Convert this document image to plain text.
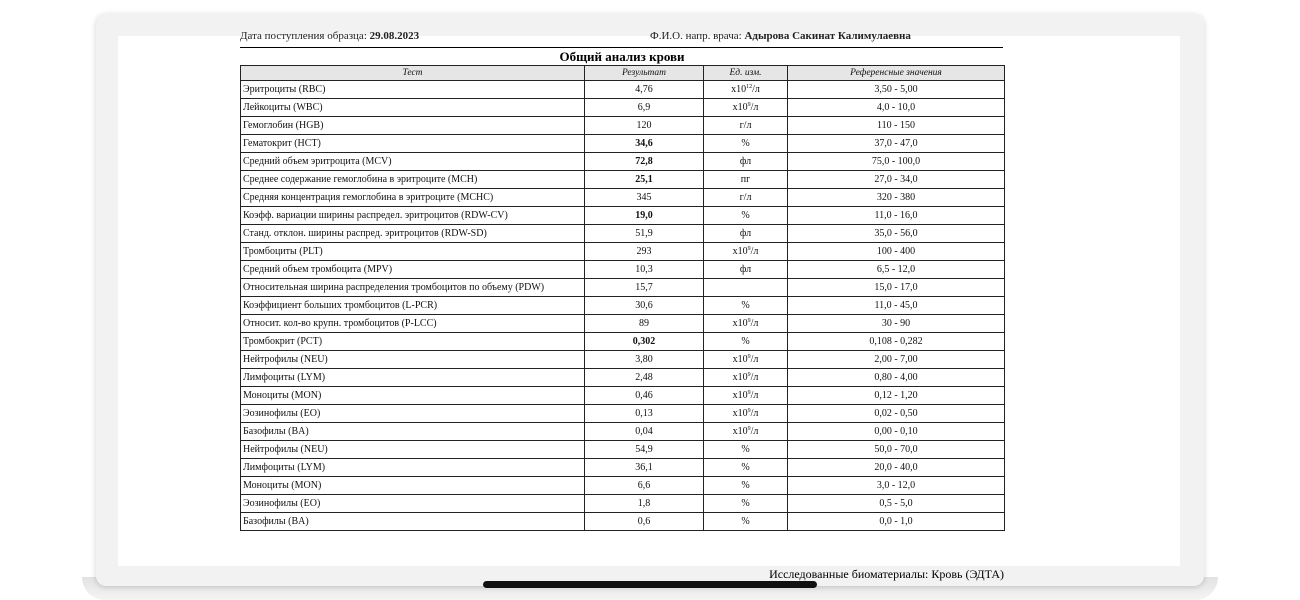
Дата поступления образца: 29.08.2023	Ф.И.О. напр. врача: Адырова Сакинат Калимулаевна
Общий анализ крови
Тест	Результат	Ед. изм.	Референсные значения
Эритроциты (RBC)	4,76	$x10^{12}/л$	3,50 - 5,00
Лейкоциты (WBC)	6,9	$x10^9/л$	4,0 - 10,0
Гемоглобин (HGB)	120	г/л	110 - 150
Гематокрит (HCT)	34,6	%	37,0 - 47,0
Средний объем эритроцита (MCV)	72,8	фл	75,0 - 100,0
Среднее содержание гемоглобина в эритроците (MCH)	25,1	пг	27,0 - 34,0
Средняя концентрация гемоглобина в эритроците (MCHC)	345	г/л	320 - 380
Коэфф. вариации ширины распредел. эритроцитов (RDW-CV)	19,0	%	11,0 - 16,0
Станд. отклон. ширины распред. эритроцитов (RDW-SD)	51,9	фл	35,0 - 56,0
Тромбоциты (PLT)	293	$x10^9/л$	100 - 400
Средний объем тромбоцита (MPV)	10,3	фл	6,5 - 12,0
Относительная ширина распределения тромбоцитов по объему (PDW)	15,7		15,0 - 17,0
Коэффициент больших тромбоцитов (L-PCR)	30,6	%	11,0 - 45,0
Относит. кол-во крупн. тромбоцитов (P-LCC)	89	$x10^9/л$	30 - 90
Тромбокрит (PCT)	0,302	%	0,108 - 0,282
Нейтрофилы (NEU)	3,80	$x10^9/л$	2,00 - 7,00
Лимфоциты (LYM)	2,48	$x10^9/л$	0,80 - 4,00
Моноциты (MON)	0,46	$x10^9/л$	0,12 - 1,20
Эозинофилы (EO)	0,13	$x10^9/л$	0,02 - 0,50
Базофилы (BA)	0,04	$x10^9/л$	0,00 - 0,10
Нейтрофилы (NEU)	54,9	%	50,0 - 70,0
Лимфоциты (LYM)	36,1	%	20,0 - 40,0
Моноциты (MON)	6,6	%	3,0 - 12,0
Эозинофилы (EO)	1,8	%	0,5 - 5,0
Базофилы (BA)	0,6	%	0,0 - 1,0
Исследованные биоматериалы: Кровь (ЭДТА)
